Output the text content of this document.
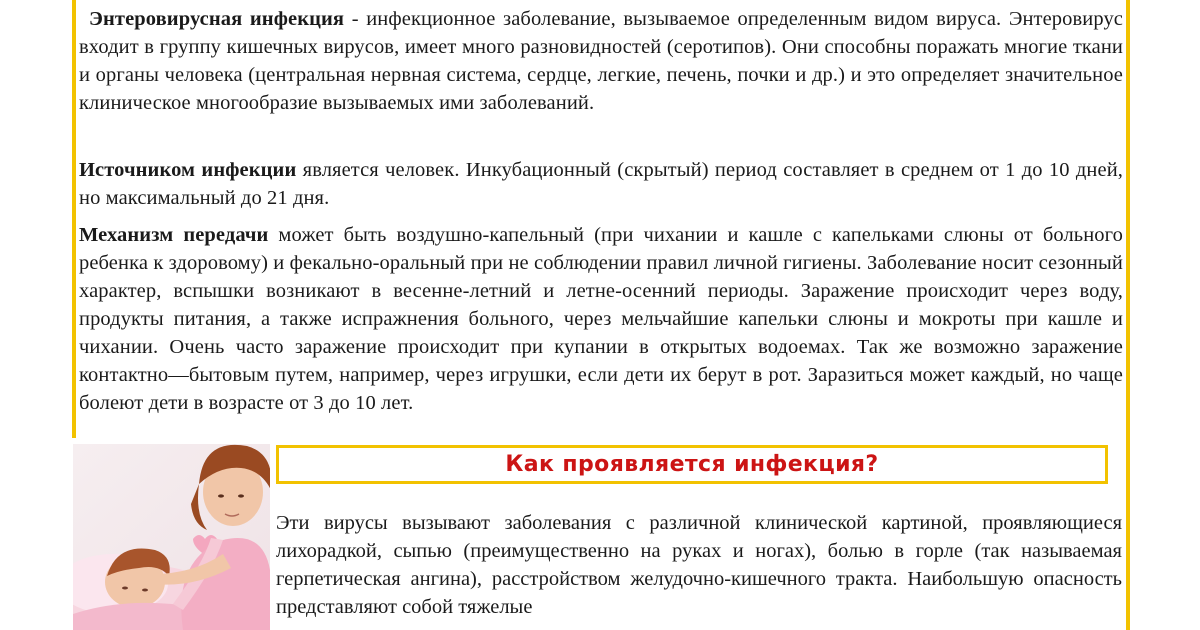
Энтеровирусная инфекция - инфекционное заболевание, вызываемое определенным видом вируса. Энтеровирус входит в группу кишечных вирусов, имеет много разновидностей (серотипов). Они способны поражать многие ткани и органы человека (центральная нервная система, сердце, легкие, печень, почки и др.) и это определяет значительное клиническое многообразие вызываемых ими заболеваний.

Источником инфекции является человек. Инкубационный (скрытый) период составляет в среднем от 1 до 10 дней, но максимальный до 21 дня.

Механизм передачи может быть воздушно-капельный (при чихании и кашле с капельками слюны от больного ребенка к здоровому) и фекально-оральный при не соблюдении правил личной гигиены. Заболевание носит сезонный характер, вспышки возникают в весенне-летний и летне-осенний периоды. Заражение происходит через воду, продукты питания, а также испражнения больного, через мельчайшие капельки слюны и мокроты при кашле и чихании. Очень часто заражение происходит при купании в открытых водоемах. Так же возможно заражение контактно—бытовым путем, например, через игрушки, если дети их берут в рот. Заразиться может каждый, но чаще болеют дети в возрасте от 3 до 10 лет.

Как проявляется инфекция?

Эти вирусы вызывают заболевания с различной клинической картиной, проявляющиеся лихорадкой, сыпью (преимущественно на руках и ногах), болью в горле (так называемая герпетическая ангина), расстройством желудочно-кишечного тракта. Наибольшую опасность представляют собой тяжелые
